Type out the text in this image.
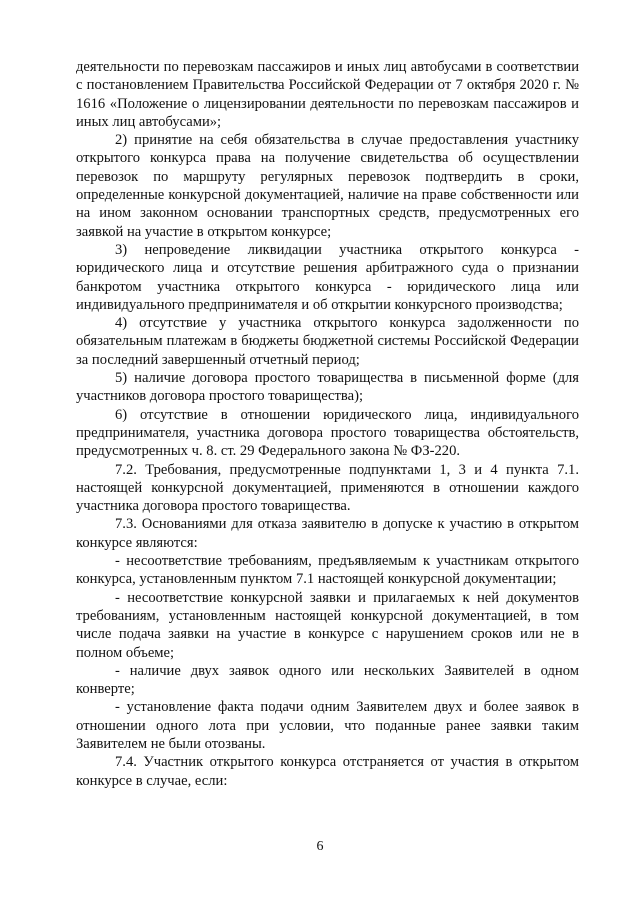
деятельности по перевозкам пассажиров и иных лиц автобусами в соответствии с постановлением Правительства Российской Федерации от 7 октября 2020 г. № 1616 «Положение о лицензировании деятельности по перевозкам пассажиров и иных лиц автобусами»;

2) принятие на себя обязательства в случае предоставления участнику открытого конкурса права на получение свидетельства об осуществлении перевозок по маршруту регулярных перевозок подтвердить в сроки, определенные конкурсной документацией, наличие на праве собственности или на ином законном основании транспортных средств, предусмотренных его заявкой на участие в открытом конкурсе;

3) непроведение ликвидации участника открытого конкурса - юридического лица и отсутствие решения арбитражного суда о признании банкротом участника открытого конкурса - юридического лица или индивидуального предпринимателя и об открытии конкурсного производства;

4) отсутствие у участника открытого конкурса задолженности по обязательным платежам в бюджеты бюджетной системы Российской Федерации за последний завершенный отчетный период;

5) наличие договора простого товарищества в письменной форме (для участников договора простого товарищества);

6) отсутствие в отношении юридического лица, индивидуального предпринимателя, участника договора простого товарищества обстоятельств, предусмотренных ч. 8. ст. 29 Федерального закона № ФЗ-220.

7.2. Требования, предусмотренные подпунктами 1, 3 и 4 пункта 7.1. настоящей конкурсной документацией, применяются в отношении каждого участника договора простого товарищества.

7.3. Основаниями для отказа заявителю в допуске к участию в открытом конкурсе являются:

- несоответствие требованиям, предъявляемым к участникам открытого конкурса, установленным пунктом 7.1 настоящей конкурсной документации;

- несоответствие конкурсной заявки и прилагаемых к ней документов требованиям, установленным настоящей конкурсной документацией, в том числе подача заявки на участие в конкурсе с нарушением сроков или не в полном объеме;

- наличие двух заявок одного или нескольких Заявителей в одном конверте;

- установление факта подачи одним Заявителем двух и более заявок в отношении одного лота при условии, что поданные ранее заявки таким Заявителем не были отозваны.

7.4. Участник открытого конкурса отстраняется от участия в открытом конкурсе в случае, если:

6
